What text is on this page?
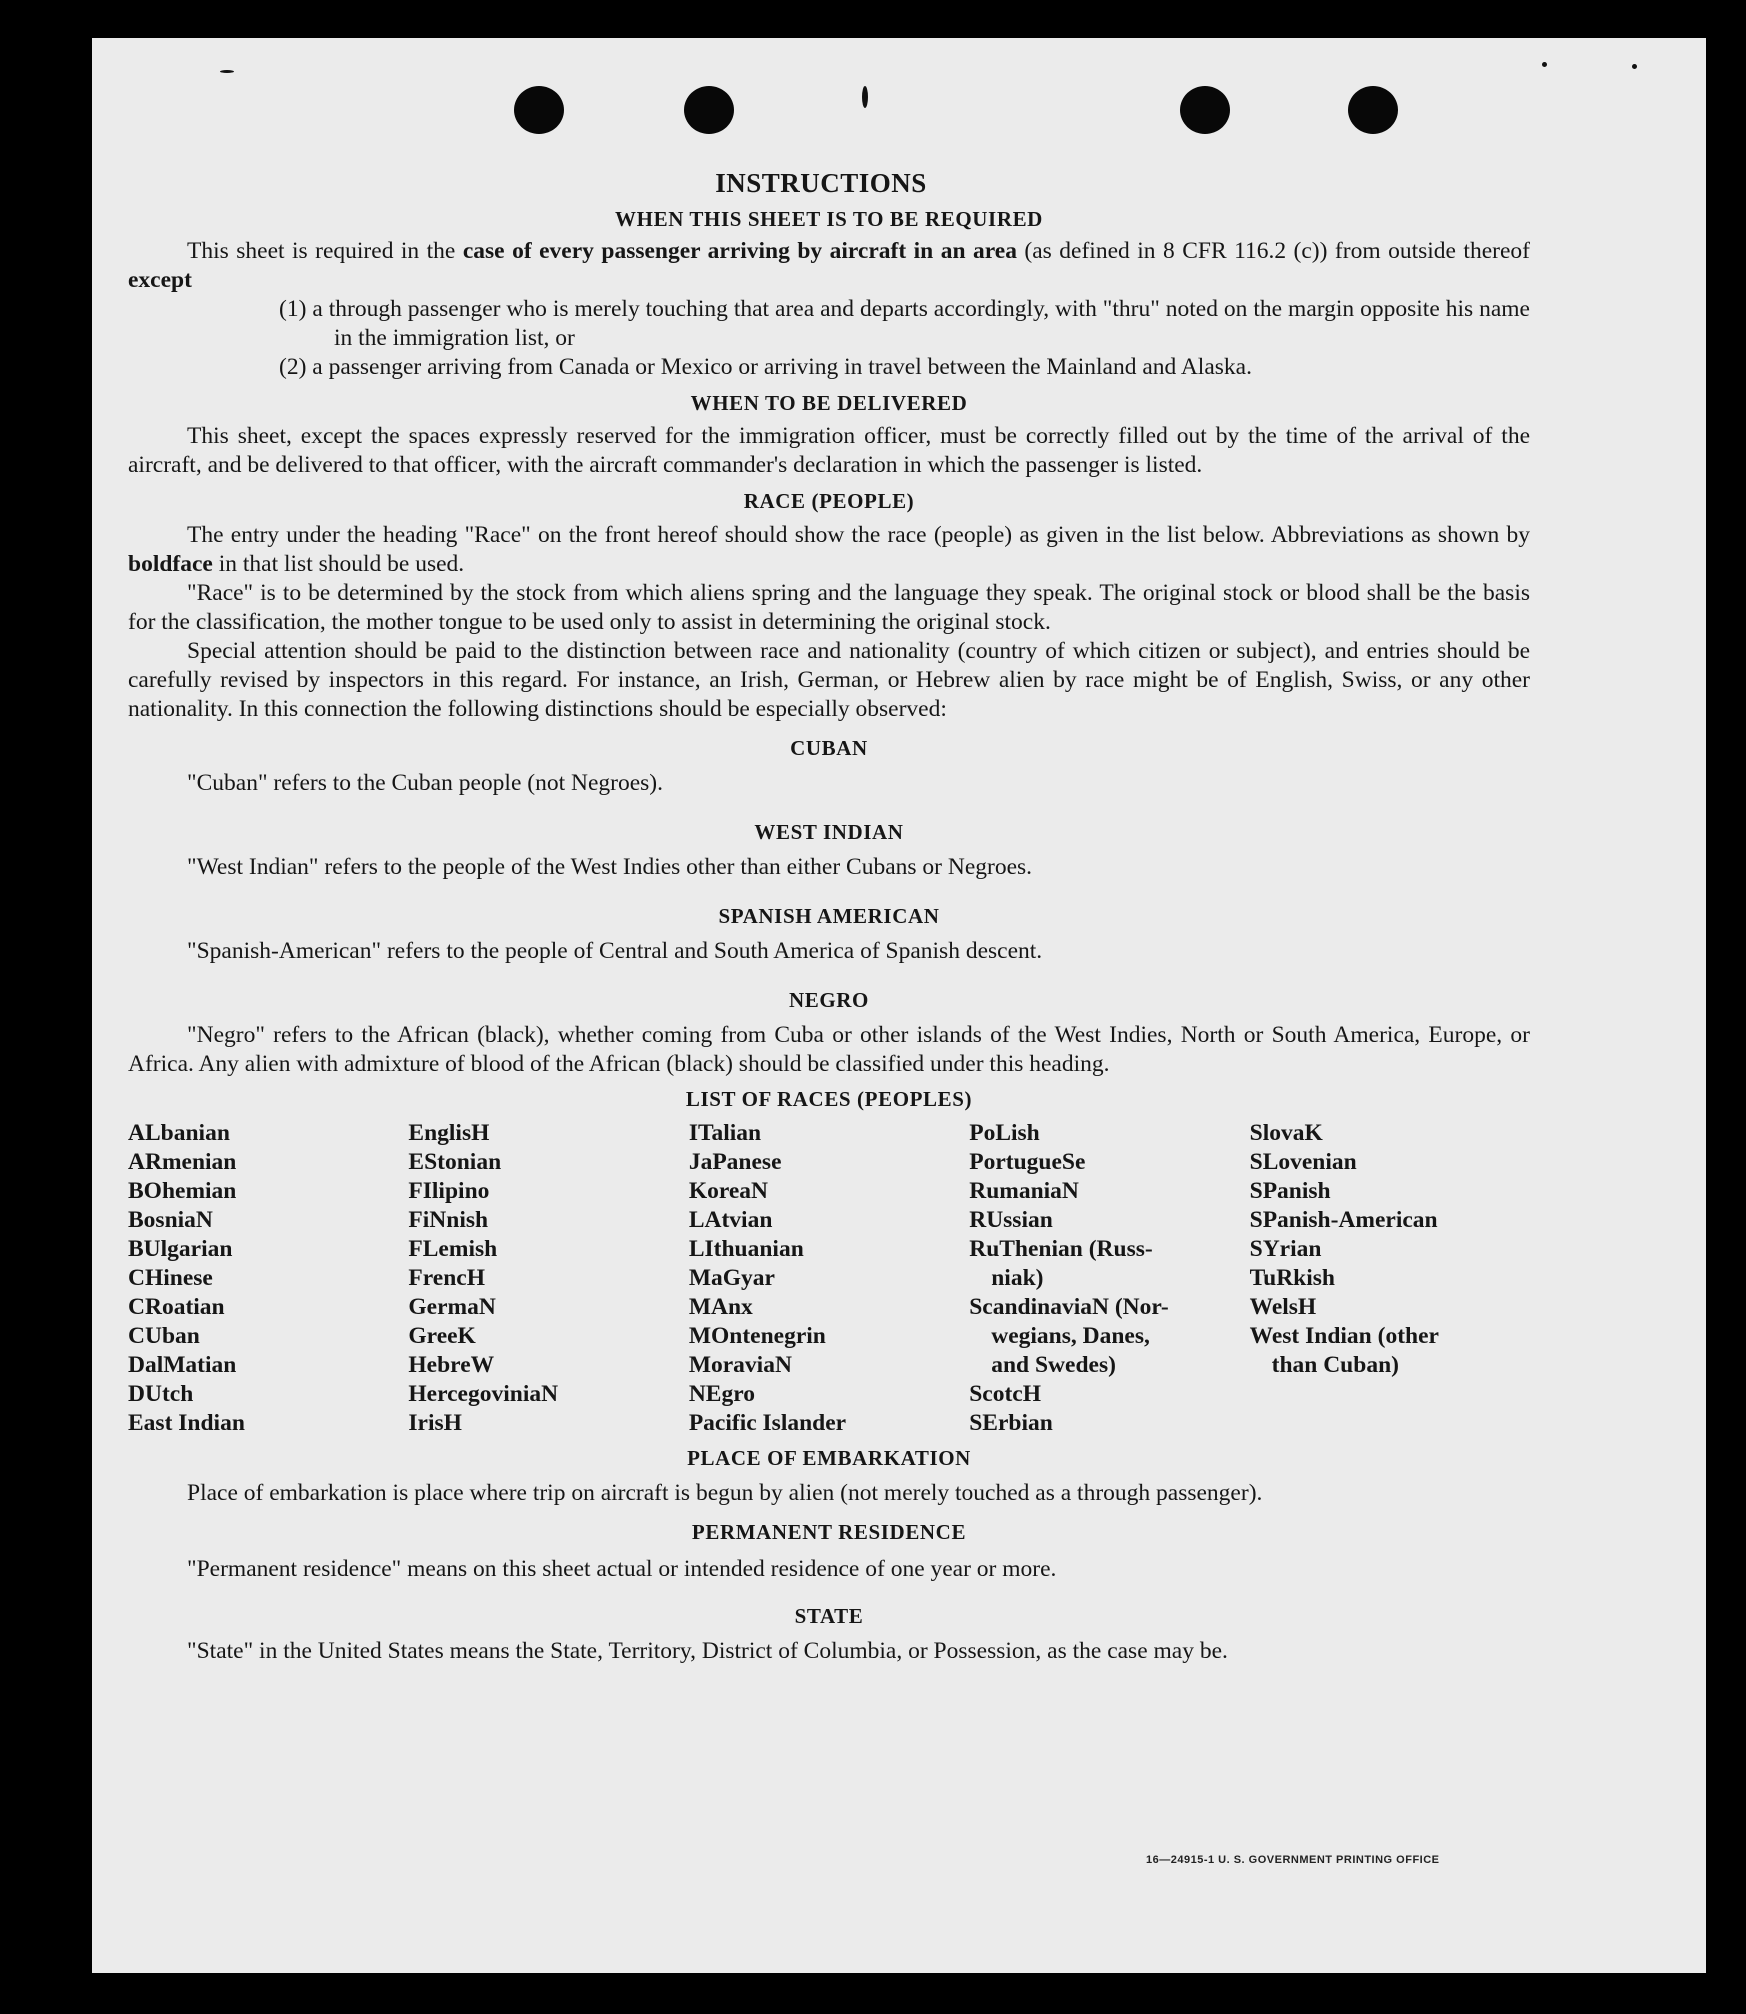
INSTRUCTIONS
WHEN THIS SHEET IS TO BE REQUIRED

This sheet is required in the case of every passenger arriving by aircraft in an area (as defined in 8 CFR 116.2 (c)) from outside thereof except

(1) a through passenger who is merely touching that area and departs accordingly, with "thru" noted on the margin opposite his name in the immigration list, or
(2) a passenger arriving from Canada or Mexico or arriving in travel between the Mainland and Alaska.
WHEN TO BE DELIVERED

This sheet, except the spaces expressly reserved for the immigration officer, must be correctly filled out by the time of the arrival of the aircraft, and be delivered to that officer, with the aircraft commander's declaration in which the passenger is listed.

RACE (PEOPLE)

The entry under the heading "Race" on the front hereof should show the race (people) as given in the list below. Abbreviations as shown by boldface in that list should be used.

"Race" is to be determined by the stock from which aliens spring and the language they speak. The original stock or blood shall be the basis for the classification, the mother tongue to be used only to assist in determining the original stock.

Special attention should be paid to the distinction between race and nationality (country of which citizen or subject), and entries should be carefully revised by inspectors in this regard. For instance, an Irish, German, or Hebrew alien by race might be of English, Swiss, or any other nationality. In this connection the following distinctions should be especially observed:

CUBAN

"Cuban" refers to the Cuban people (not Negroes).

WEST INDIAN

"West Indian" refers to the people of the West Indies other than either Cubans or Negroes.

SPANISH AMERICAN

"Spanish-American" refers to the people of Central and South America of Spanish descent.

NEGRO

"Negro" refers to the African (black), whether coming from Cuba or other islands of the West Indies, North or South America, Europe, or Africa. Any alien with admixture of blood of the African (black) should be classified under this heading.

LIST OF RACES (PEOPLES)
ALbanian
ARmenian
BOhemian
BosniaN
BUlgarian
CHinese
CRoatian
CUban
DalMatian
DUtch
East Indian
EnglisH
EStonian
FIlipino
FiNnish
FLemish
FrencH
GermaN
GreeK
HebreW
HercegoviniaN
IrisH
ITalian
JaPanese
KoreaN
LAtvian
LIthuanian
MaGyar
MAnx
MOntenegrin
MoraviaN
NEgro
Pacific Islander
PoLish
PortugueSe
RumaniaN
RUssian
RuThenian (Russ-
niak)
ScandinaviaN (Nor-
wegians, Danes,
and Swedes)
ScotcH
SErbian
SlovaK
SLovenian
SPanish
SPanish-American
SYrian
TuRkish
WelsH
West Indian (other
than Cuban)
PLACE OF EMBARKATION

Place of embarkation is place where trip on aircraft is begun by alien (not merely touched as a through passenger).

PERMANENT RESIDENCE

"Permanent residence" means on this sheet actual or intended residence of one year or more.

STATE

"State" in the United States means the State, Territory, District of Columbia, or Possession, as the case may be.

16—24915-1 U. S. GOVERNMENT PRINTING OFFICE
